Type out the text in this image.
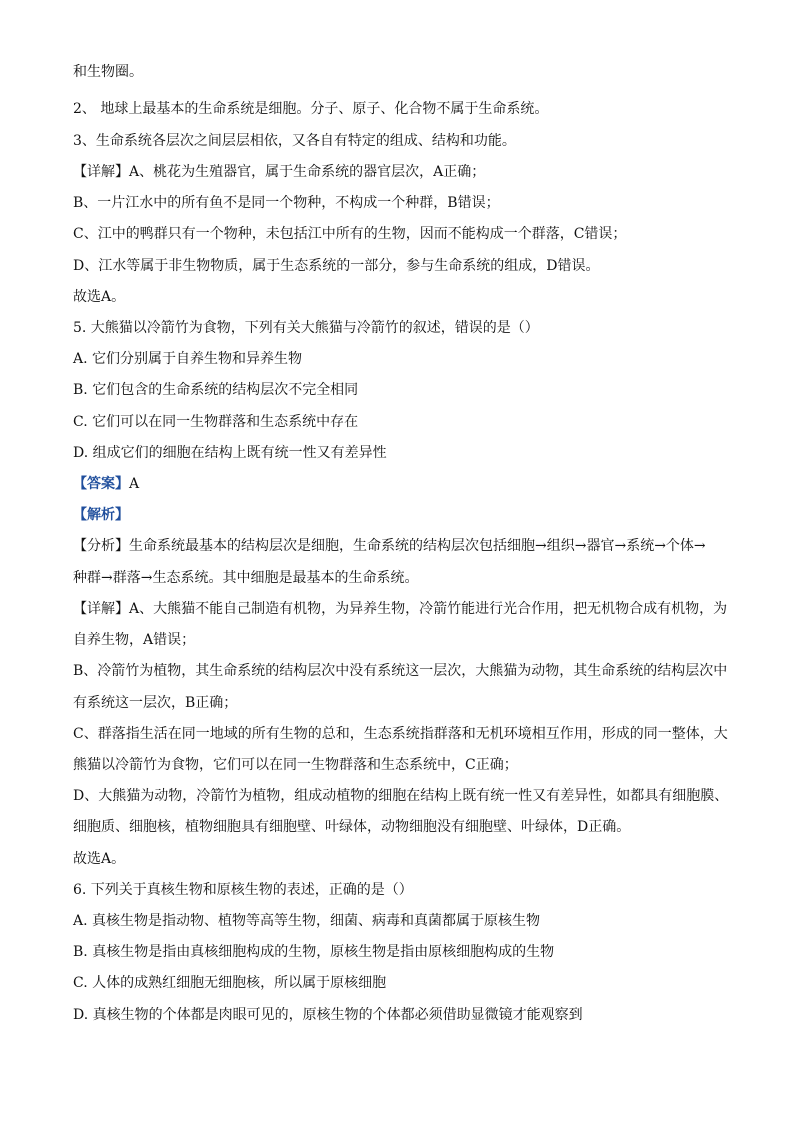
和生物圈。
2、 地球上最基本的生命系统是细胞。分子、原子、化合物不属于生命系统。
3、生命系统各层次之间层层相依，又各自有特定的组成、结构和功能。
【详解】A、桃花为生殖器官，属于生命系统的器官层次，A正确；
B、一片江水中的所有鱼不是同一个物种，不构成一个种群，B错误；
C、江中的鸭群只有一个物种，未包括江中所有的生物，因而不能构成一个群落，C错误；
D、江水等属于非生物物质，属于生态系统的一部分，参与生命系统的组成，D错误。
故选A。
5. 大熊猫以冷箭竹为食物，下列有关大熊猫与冷箭竹的叙述，错误的是（）
A. 它们分别属于自养生物和异养生物
B. 它们包含的生命系统的结构层次不完全相同
C. 它们可以在同一生物群落和生态系统中存在
D. 组成它们的细胞在结构上既有统一性又有差异性
【答案】A
【解析】
【分析】生命系统最基本的结构层次是细胞，生命系统的结构层次包括细胞→组织→器官→系统→个体→
种群→群落→生态系统。其中细胞是最基本的生命系统。
【详解】A、大熊猫不能自己制造有机物，为异养生物，冷箭竹能进行光合作用，把无机物合成有机物，为
自养生物，A错误；
B、冷箭竹为植物，其生命系统的结构层次中没有系统这一层次，大熊猫为动物，其生命系统的结构层次中
有系统这一层次，B正确；
C、群落指生活在同一地域的所有生物的总和，生态系统指群落和无机环境相互作用，形成的同一整体，大
熊猫以冷箭竹为食物，它们可以在同一生物群落和生态系统中，C正确；
D、大熊猫为动物，冷箭竹为植物，组成动植物的细胞在结构上既有统一性又有差异性，如都具有细胞膜、
细胞质、细胞核，植物细胞具有细胞壁、叶绿体，动物细胞没有细胞壁、叶绿体，D正确。
故选A。
6. 下列关于真核生物和原核生物的表述，正确的是（）
A. 真核生物是指动物、植物等高等生物，细菌、病毒和真菌都属于原核生物
B. 真核生物是指由真核细胞构成的生物，原核生物是指由原核细胞构成的生物
C. 人体的成熟红细胞无细胞核，所以属于原核细胞
D. 真核生物的个体都是肉眼可见的，原核生物的个体都必须借助显微镜才能观察到
